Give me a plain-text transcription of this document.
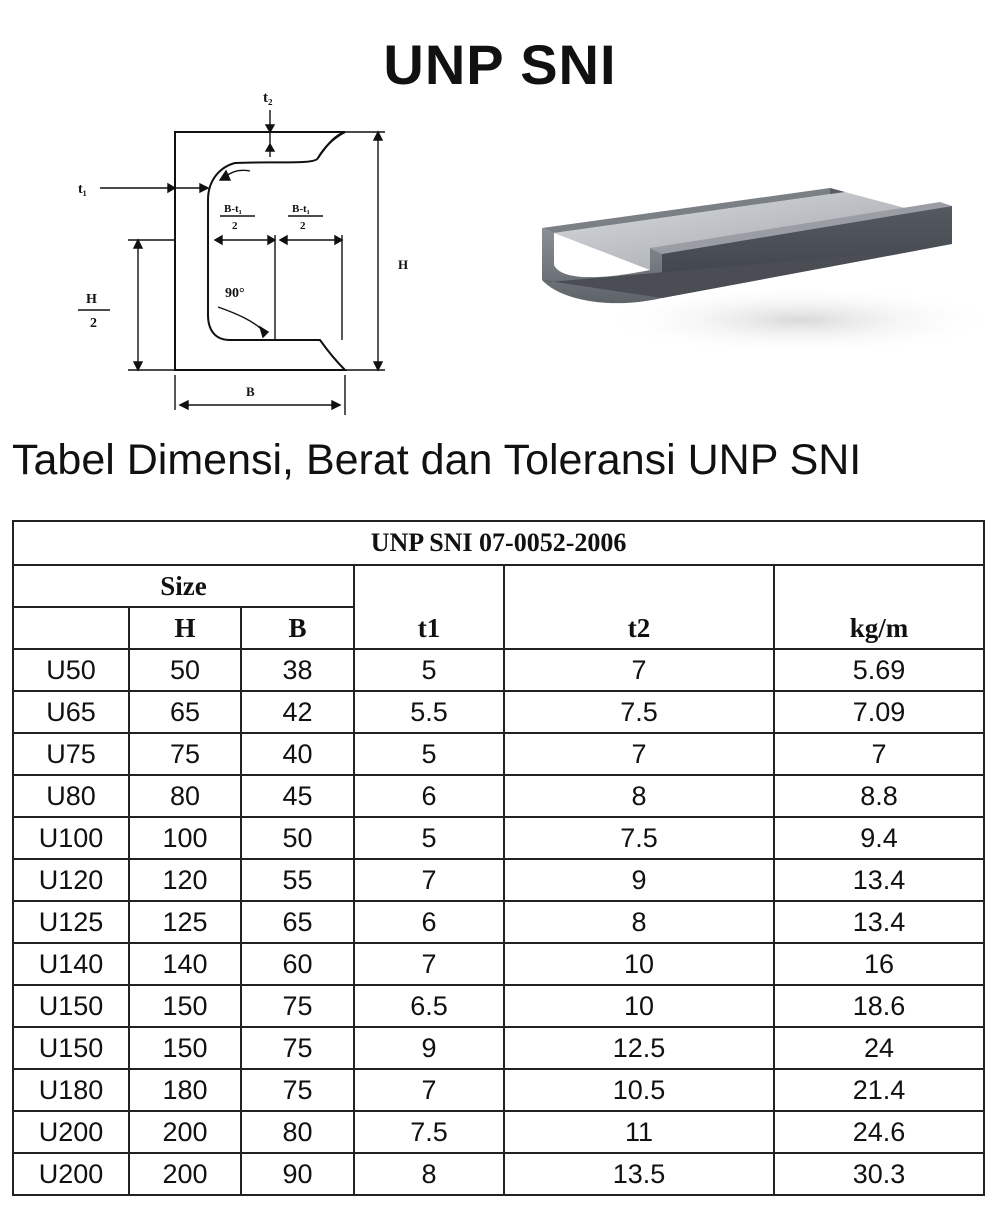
UNP SNI
t₂
t₁
H
2
H
B
90°
B-t₁
2
B-t₁
2
Tabel Dimensi, Berat dan Toleransi UNP SNI
UNP SNI 07-0052-2006					
Size			t1	t2	kg/m
	H	B			
U50	50	38	5	7	5.69
U65	65	42	5.5	7.5	7.09
U75	75	40	5	7	7
U80	80	45	6	8	8.8
U100	100	50	5	7.5	9.4
U120	120	55	7	9	13.4
U125	125	65	6	8	13.4
U140	140	60	7	10	16
U150	150	75	6.5	10	18.6
U150	150	75	9	12.5	24
U180	180	75	7	10.5	21.4
U200	200	80	7.5	11	24.6
U200	200	90	8	13.5	30.3
